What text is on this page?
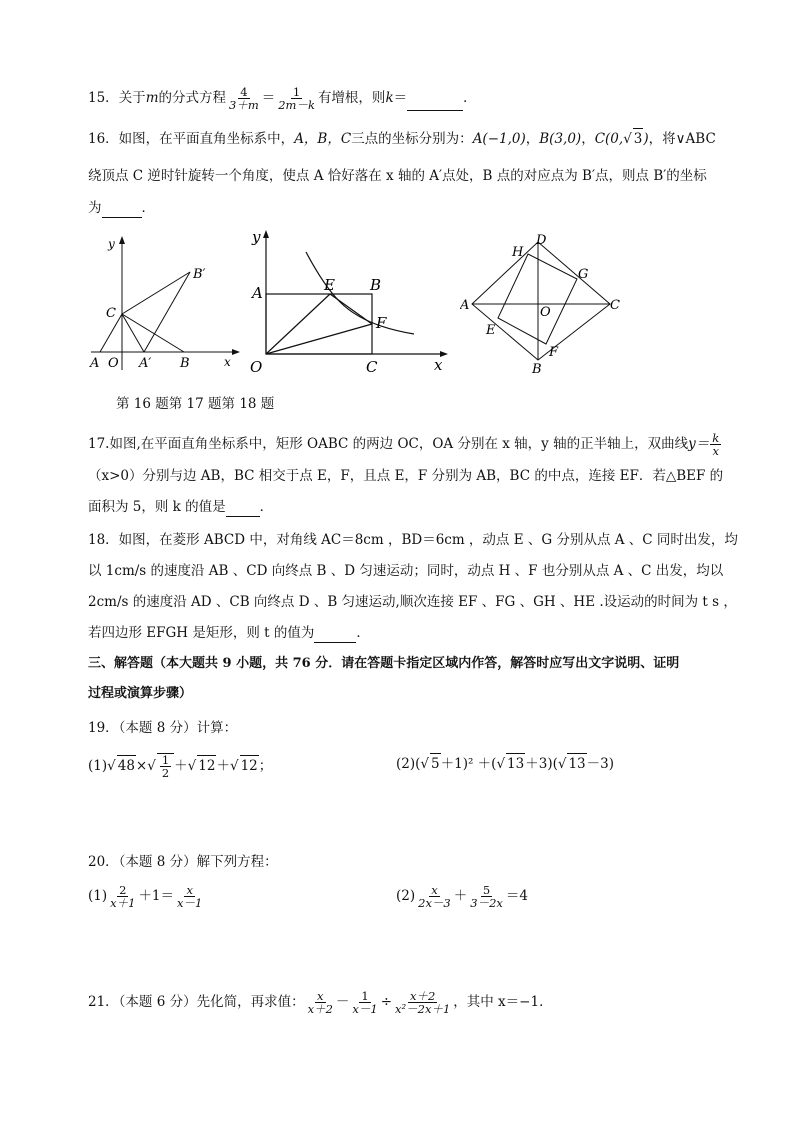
15．关于m的分式方程 $\frac{4}{3+m} = \frac{1}{2m-k}$ 有增根，则k＝	．
16．如图，在平面直角坐标系中，A，B，C三点的坐标分别为：A(−1,0)，B(3,0)，C(0,√ 3)，将∨ABC
绕顶点 C 逆时针旋转一个角度，使点 A 恰好落在 x 轴的 A′点处，B 点的对应点为 B′点，则点 B′的坐标
为	．
y
x
C
A O A′ B
B′
y
x
A	E B
F
O	C
H
D
G
A	O	C
E
F
B
第 16 题第 17 题第 18 题
17.如图,在平面直角坐标系中，矩形 OABC 的两边 OC，OA 分别在 x 轴，y 轴的正半轴上，双曲线$y= \frac{k}{x}$
（x>0）分别与边 AB，BC 相交于点 E，F，且点 E，F 分别为 AB，BC 的中点，连接 EF．若△BEF 的
面积为 5，则 k 的值是	．
18．如图，在菱形 ABCD 中，对角线 AC＝8cm ，BD＝6cm ，动点 E 、G 分别从点 A 、C 同时出发，均
以 1cm/s 的速度沿 AB 、CD 向终点 B 、D 匀速运动；同时，动点 H 、F 也分别从点 A 、C 出发，均以
2cm/s 的速度沿 AD 、CB 向终点 D 、B 匀速运动,顺次连接 EF 、FG 、GH 、HE .设运动的时间为 t s ，
若四边形 EFGH 是矩形，则 t 的值为	．
三、解答题（本大题共 9 小题，共 76 分．请在答题卡指定区域内作答，解答时应写出文字说明、证明
过程或演算步骤）
19．（本题 8 分）计算：
(1)√ $48\times√ \frac{1}{2}$ ＋√ 12＋√ 12；	(2)(√ 5＋1)² ＋(√ 13＋3)(√ 13－3)
20．（本题 8 分）解下列方程：
$(1) \frac{2}{x+1} +1= \frac{x}{x-1}$	$(2) \frac{x}{2x-3} + \frac{5}{3-2x} =4$
21．（本题 6 分）先化简，再求值： $\frac{x}{x+2} - \frac{1}{x-1} \div \frac{x+2}{\text{x²－2x＋1}}$ ，其中 x＝−1．
